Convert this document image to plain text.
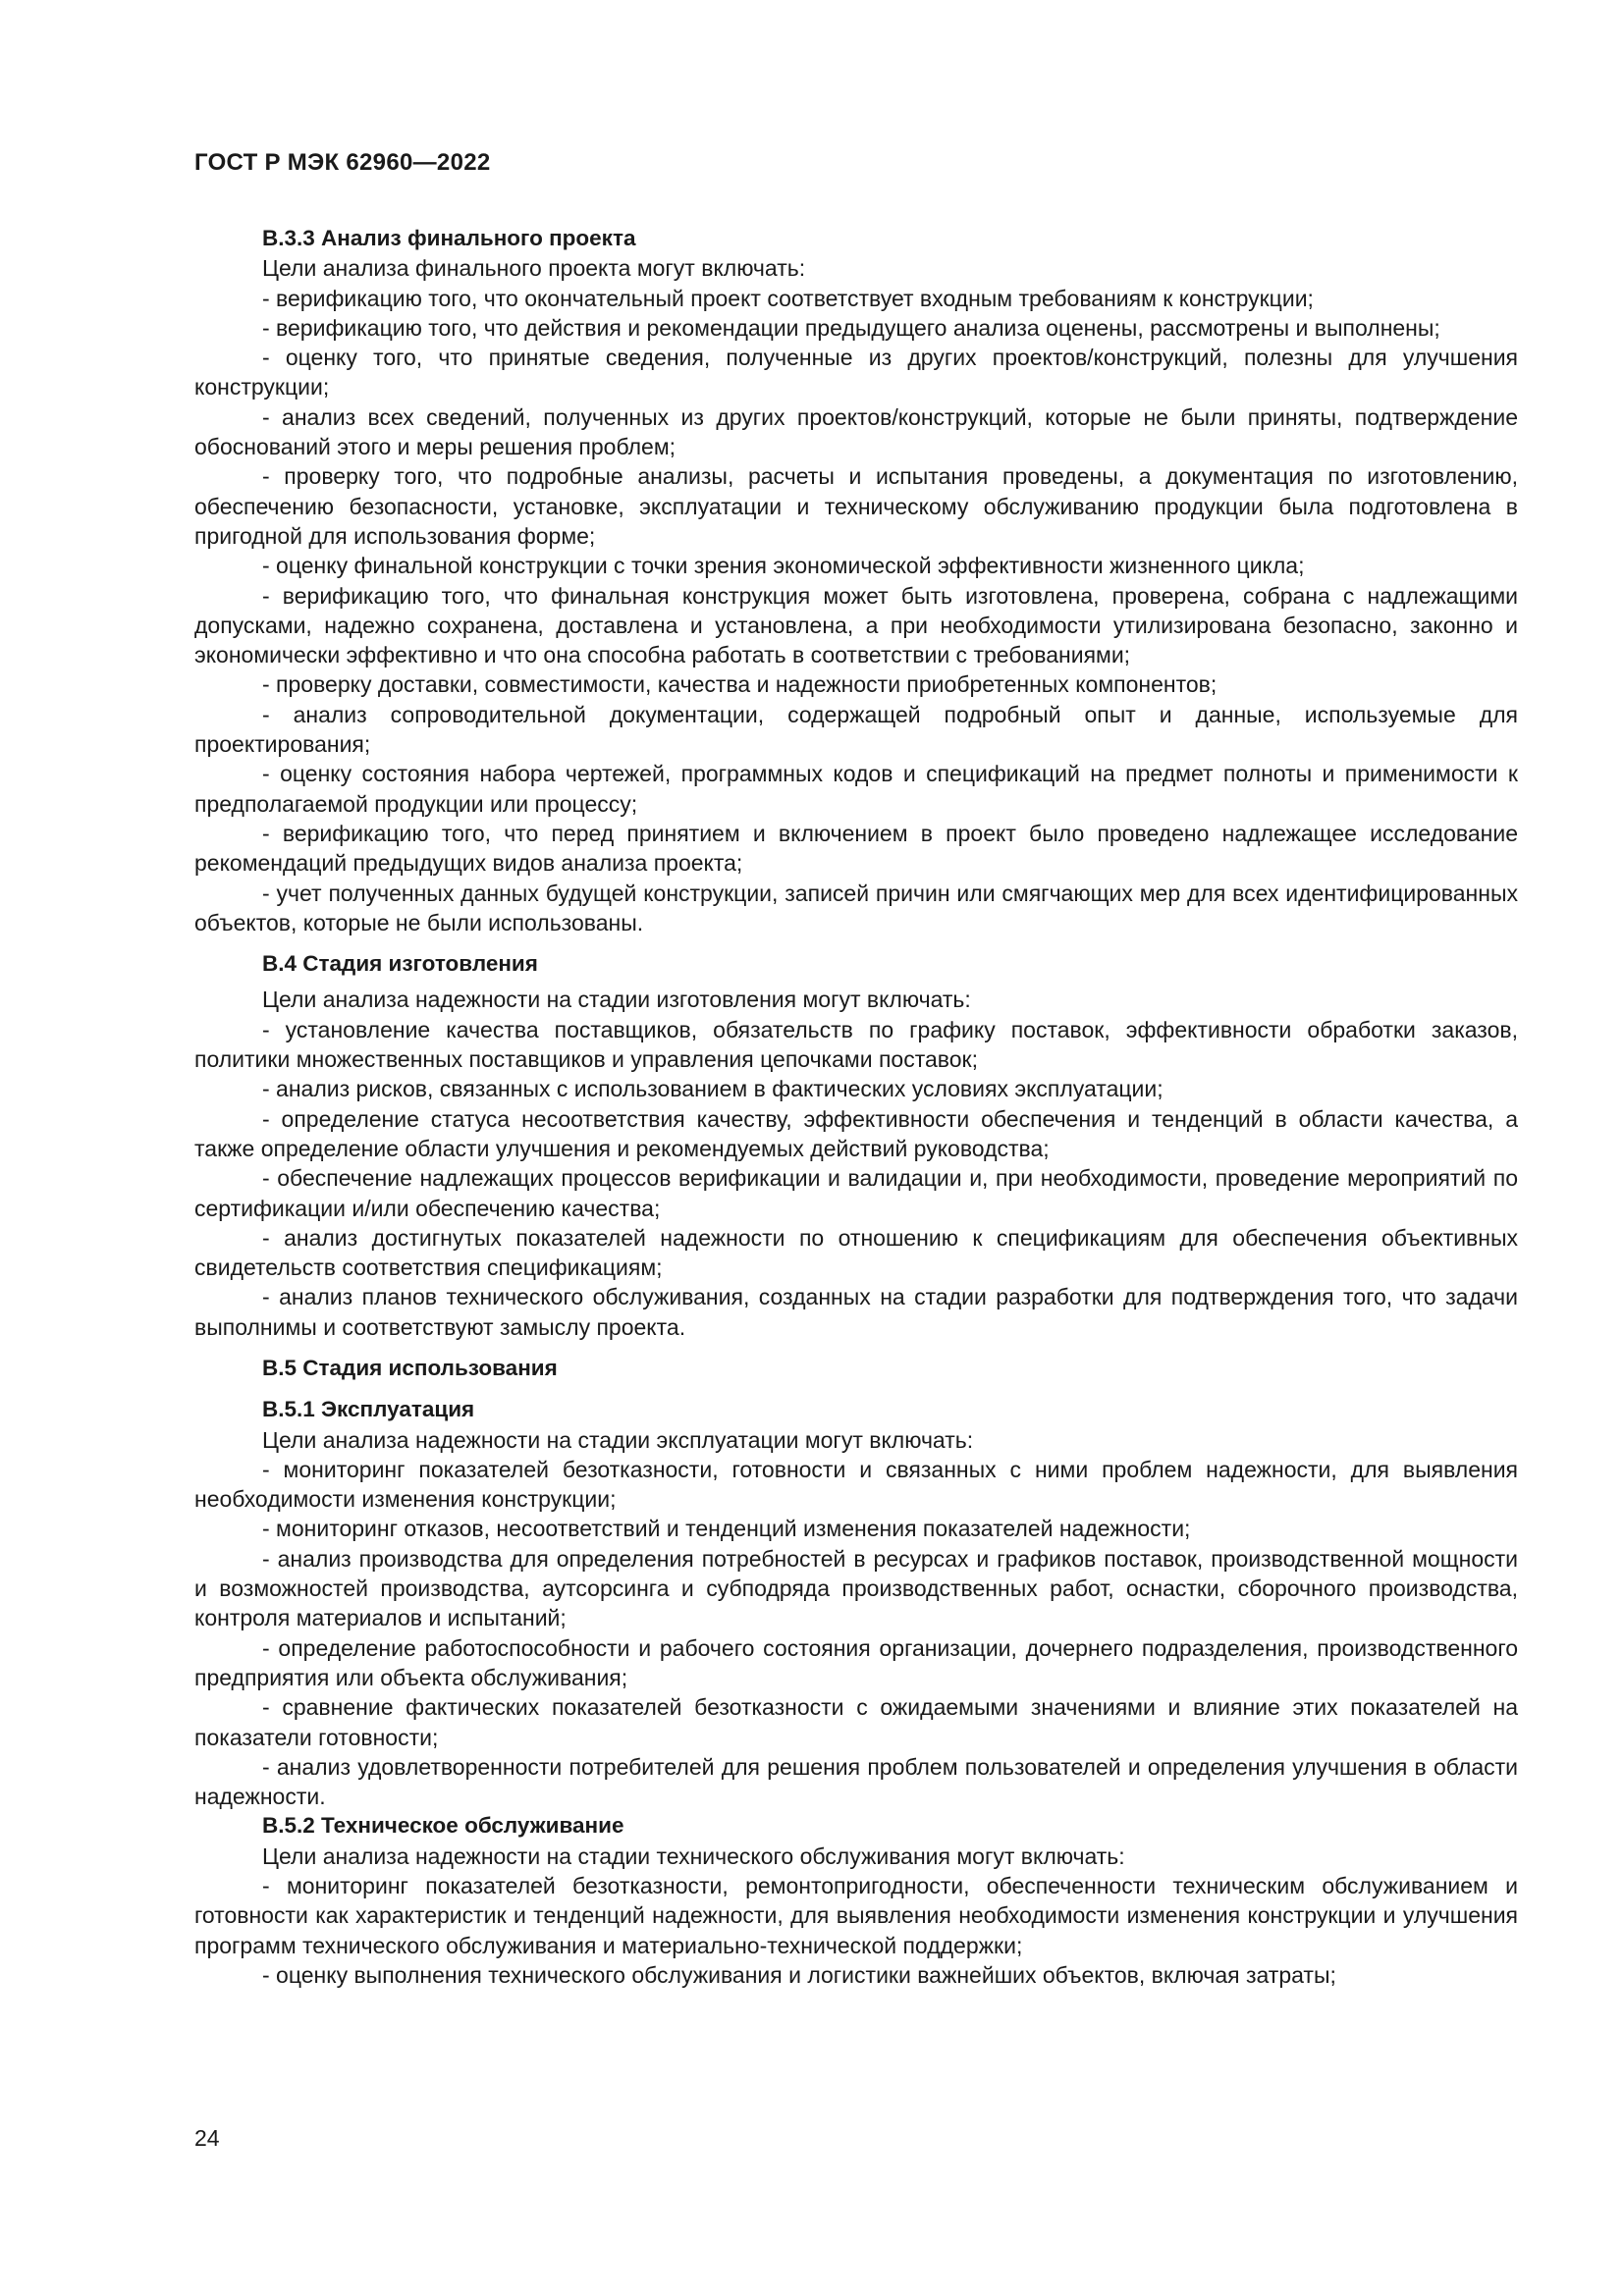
ГОСТ Р МЭК 62960—2022
В.3.3 Анализ финального проекта

Цели анализа финального проекта могут включать:

- верификацию того, что окончательный проект соответствует входным требованиям к конструкции;

- верификацию того, что действия и рекомендации предыдущего анализа оценены, рассмотрены и выполнены;

- оценку того, что принятые сведения, полученные из других проектов/конструкций, полезны для улучшения конструкции;

- анализ всех сведений, полученных из других проектов/конструкций, которые не были приняты, подтверждение обоснований этого и меры решения проблем;

- проверку того, что подробные анализы, расчеты и испытания проведены, а документация по изготовлению, обеспечению безопасности, установке, эксплуатации и техническому обслуживанию продукции была подготовлена в пригодной для использования форме;

- оценку финальной конструкции с точки зрения экономической эффективности жизненного цикла;

- верификацию того, что финальная конструкция может быть изготовлена, проверена, собрана с надлежащими допусками, надежно сохранена, доставлена и установлена, а при необходимости утилизирована безопасно, законно и экономически эффективно и что она способна работать в соответствии с требованиями;

- проверку доставки, совместимости, качества и надежности приобретенных компонентов;

- анализ сопроводительной документации, содержащей подробный опыт и данные, используемые для проектирования;

- оценку состояния набора чертежей, программных кодов и спецификаций на предмет полноты и применимости к предполагаемой продукции или процессу;

- верификацию того, что перед принятием и включением в проект было проведено надлежащее исследование рекомендаций предыдущих видов анализа проекта;

- учет полученных данных будущей конструкции, записей причин или смягчающих мер для всех идентифицированных объектов, которые не были использованы.

В.4 Стадия изготовления

Цели анализа надежности на стадии изготовления могут включать:

- установление качества поставщиков, обязательств по графику поставок, эффективности обработки заказов, политики множественных поставщиков и управления цепочками поставок;

- анализ рисков, связанных с использованием в фактических условиях эксплуатации;

- определение статуса несоответствия качеству, эффективности обеспечения и тенденций в области качества, а также определение области улучшения и рекомендуемых действий руководства;

- обеспечение надлежащих процессов верификации и валидации и, при необходимости, проведение мероприятий по сертификации и/или обеспечению качества;

- анализ достигнутых показателей надежности по отношению к спецификациям для обеспечения объективных свидетельств соответствия спецификациям;

- анализ планов технического обслуживания, созданных на стадии разработки для подтверждения того, что задачи выполнимы и соответствуют замыслу проекта.

В.5 Стадия использования
В.5.1 Эксплуатация

Цели анализа надежности на стадии эксплуатации могут включать:

- мониторинг показателей безотказности, готовности и связанных с ними проблем надежности, для выявления необходимости изменения конструкции;

- мониторинг отказов, несоответствий и тенденций изменения показателей надежности;

- анализ производства для определения потребностей в ресурсах и графиков поставок, производственной мощности и возможностей производства, аутсорсинга и субподряда производственных работ, оснастки, сборочного производства, контроля материалов и испытаний;

- определение работоспособности и рабочего состояния организации, дочернего подразделения, производственного предприятия или объекта обслуживания;

- сравнение фактических показателей безотказности с ожидаемыми значениями и влияние этих показателей на показатели готовности;

- анализ удовлетворенности потребителей для решения проблем пользователей и определения улучшения в области надежности.

В.5.2 Техническое обслуживание

Цели анализа надежности на стадии технического обслуживания могут включать:

- мониторинг показателей безотказности, ремонтопригодности, обеспеченности техническим обслуживанием и готовности как характеристик и тенденций надежности, для выявления необходимости изменения конструкции и улучшения программ технического обслуживания и материально-технической поддержки;

- оценку выполнения технического обслуживания и логистики важнейших объектов, включая затраты;

24
